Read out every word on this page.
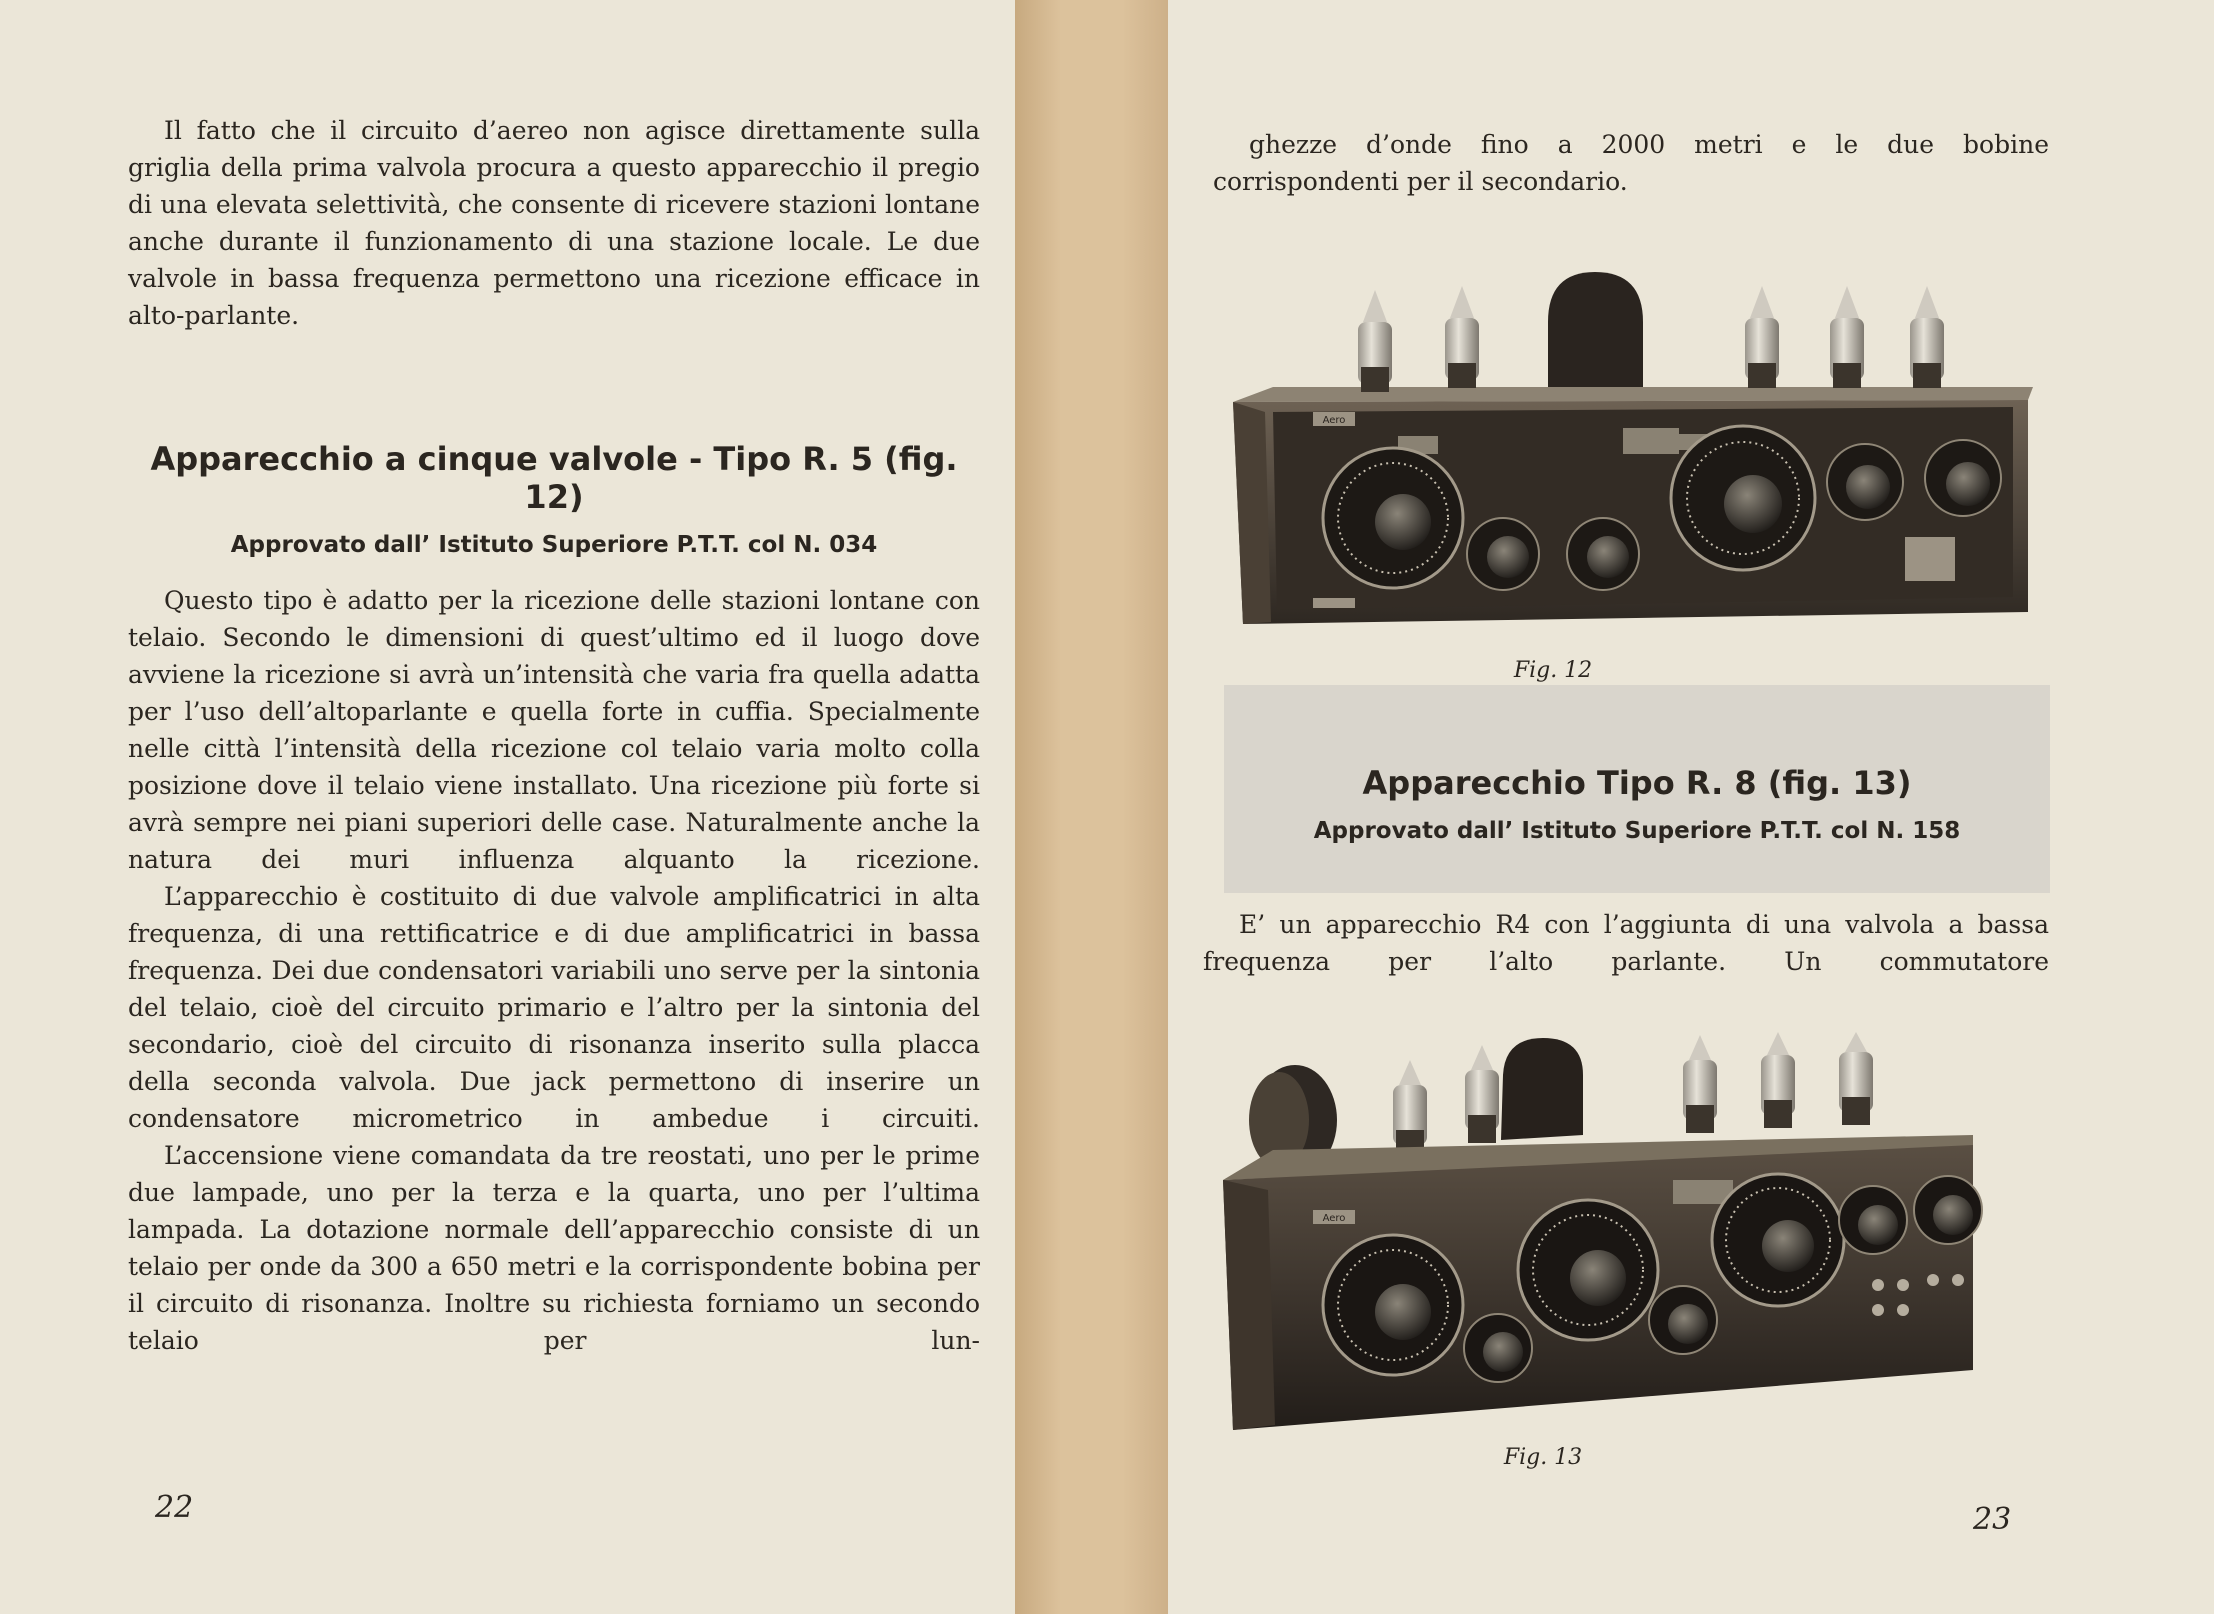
Il fatto che il circuito d’aereo non agisce direttamente sulla griglia della prima valvola procura a questo apparecchio il pregio di una elevata selettività, che consente di ricevere stazioni lontane anche durante il funzionamento di una stazione locale. Le due valvole in bassa frequenza permettono una ricezione efficace in alto-parlante.

Apparecchio a cinque valvole - Tipo R. 5 (fig. 12)

Approvato dall’ Istituto Superiore P.T.T. col N. 034

Questo tipo è adatto per la ricezione delle stazioni lontane con telaio. Secondo le dimensioni di quest’ultimo ed il luogo dove avviene la ricezione si avrà un’intensità che varia fra quella adatta per l’uso dell’altoparlante e quella forte in cuffia. Specialmente nelle città l’intensità della ricezione col telaio varia molto colla posizione dove il telaio viene installato. Una ricezione più forte si avrà sempre nei piani superiori delle case. Naturalmente anche la natura dei muri influenza alquanto la ricezione.

L’apparecchio è costituito di due valvole amplificatrici in alta frequenza, di una rettificatrice e di due amplificatrici in bassa frequenza. Dei due condensatori variabili uno serve per la sintonia del telaio, cioè del circuito primario e l’altro per la sintonia del secondario, cioè del circuito di risonanza inserito sulla placca della seconda valvola. Due jack permettono di inserire un condensatore micrometrico in ambedue i circuiti.

L’accensione viene comandata da tre reostati, uno per le prime due lampade, uno per la terza e la quarta, uno per l’ultima lampada. La dotazione normale dell’apparecchio consiste di un telaio per onde da 300 a 650 metri e la corrispondente bobina per il circuito di risonanza. Inoltre su richiesta forniamo un secondo telaio per lun-

22

ghezze d’onde fino a 2000 metri e le due bobine corrispondenti per il secondario.

Aero

Fig. 12

Apparecchio Tipo R. 8 (fig. 13)

Approvato dall’ Istituto Superiore P.T.T. col N. 158

E’ un apparecchio R4 con l’aggiunta di una valvola a bassa frequenza per l’alto parlante. Un commutatore

Aero

Fig. 13

23
